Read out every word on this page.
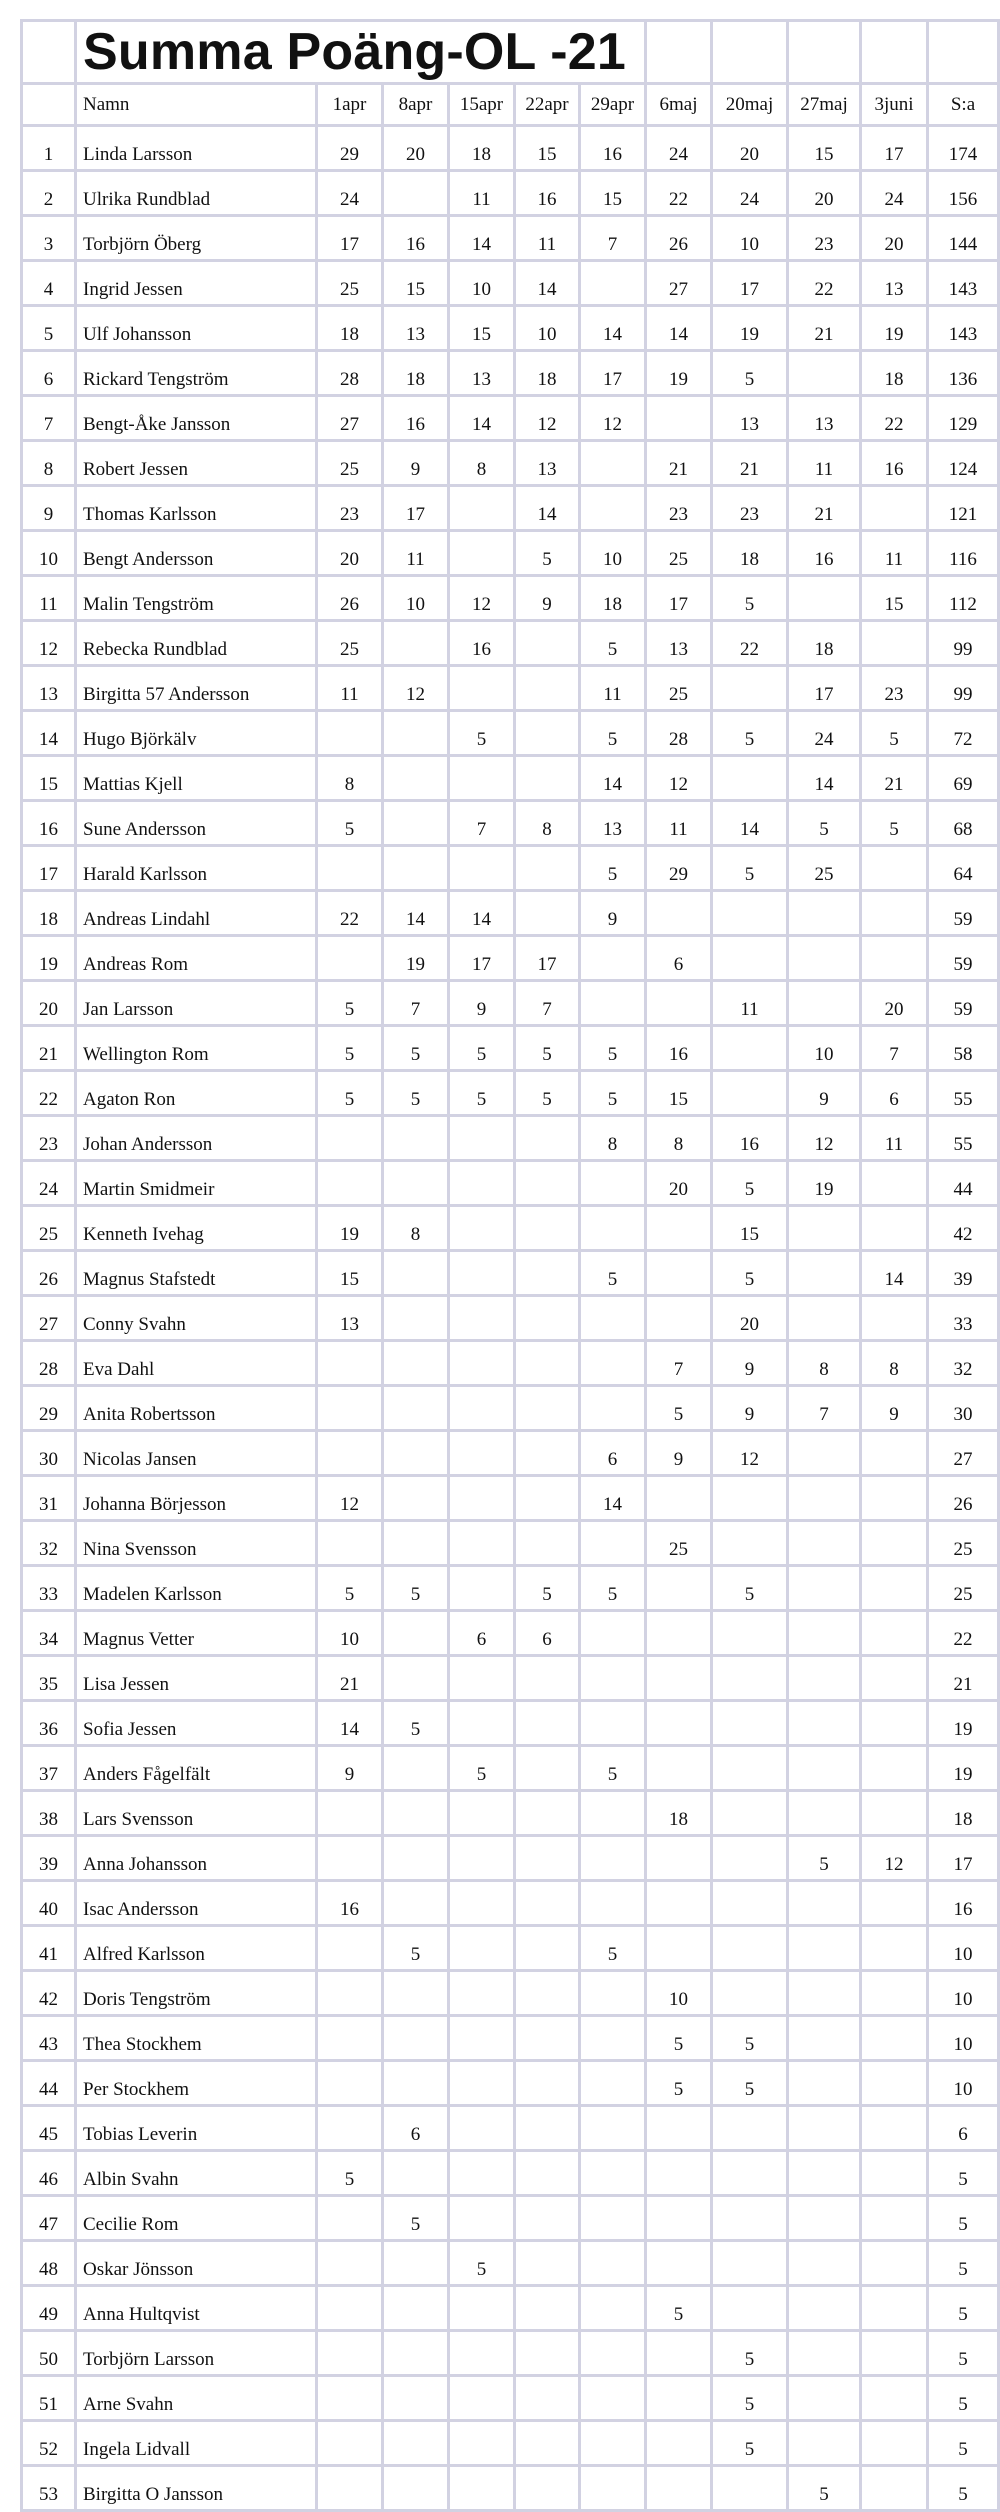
	Summa Poäng-OL -21										
	Namn	1apr	8apr	15apr	22apr	29apr	6maj	20maj	27maj	3juni	S:a
1	Linda Larsson	29	20	18	15	16	24	20	15	17	174
2	Ulrika Rundblad	24		11	16	15	22	24	20	24	156
3	Torbjörn Öberg	17	16	14	11	7	26	10	23	20	144
4	Ingrid Jessen	25	15	10	14		27	17	22	13	143
5	Ulf Johansson	18	13	15	10	14	14	19	21	19	143
6	Rickard Tengström	28	18	13	18	17	19	5		18	136
7	Bengt-Åke Jansson	27	16	14	12	12		13	13	22	129
8	Robert Jessen	25	9	8	13		21	21	11	16	124
9	Thomas Karlsson	23	17		14		23	23	21		121
10	Bengt Andersson	20	11		5	10	25	18	16	11	116
11	Malin Tengström	26	10	12	9	18	17	5		15	112
12	Rebecka Rundblad	25		16		5	13	22	18		99
13	Birgitta 57 Andersson	11	12			11	25		17	23	99
14	Hugo Björkälv			5		5	28	5	24	5	72
15	Mattias Kjell	8				14	12		14	21	69
16	Sune Andersson	5		7	8	13	11	14	5	5	68
17	Harald Karlsson					5	29	5	25		64
18	Andreas Lindahl	22	14	14		9					59
19	Andreas Rom		19	17	17		6				59
20	Jan Larsson	5	7	9	7			11		20	59
21	Wellington Rom	5	5	5	5	5	16		10	7	58
22	Agaton Ron	5	5	5	5	5	15		9	6	55
23	Johan Andersson					8	8	16	12	11	55
24	Martin Smidmeir						20	5	19		44
25	Kenneth Ivehag	19	8					15			42
26	Magnus Stafstedt	15				5		5		14	39
27	Conny Svahn	13						20			33
28	Eva Dahl						7	9	8	8	32
29	Anita Robertsson						5	9	7	9	30
30	Nicolas Jansen					6	9	12			27
31	Johanna Börjesson	12				14					26
32	Nina Svensson						25				25
33	Madelen Karlsson	5	5		5	5		5			25
34	Magnus Vetter	10		6	6						22
35	Lisa Jessen	21									21
36	Sofia Jessen	14	5								19
37	Anders Fågelfält	9		5		5					19
38	Lars Svensson						18				18
39	Anna Johansson								5	12	17
40	Isac Andersson	16									16
41	Alfred Karlsson		5			5					10
42	Doris Tengström						10				10
43	Thea Stockhem						5	5			10
44	Per Stockhem						5	5			10
45	Tobias Leverin		6								6
46	Albin Svahn	5									5
47	Cecilie Rom		5								5
48	Oskar Jönsson			5							5
49	Anna Hultqvist						5				5
50	Torbjörn Larsson							5			5
51	Arne Svahn							5			5
52	Ingela Lidvall							5			5
53	Birgitta O Jansson								5		5
